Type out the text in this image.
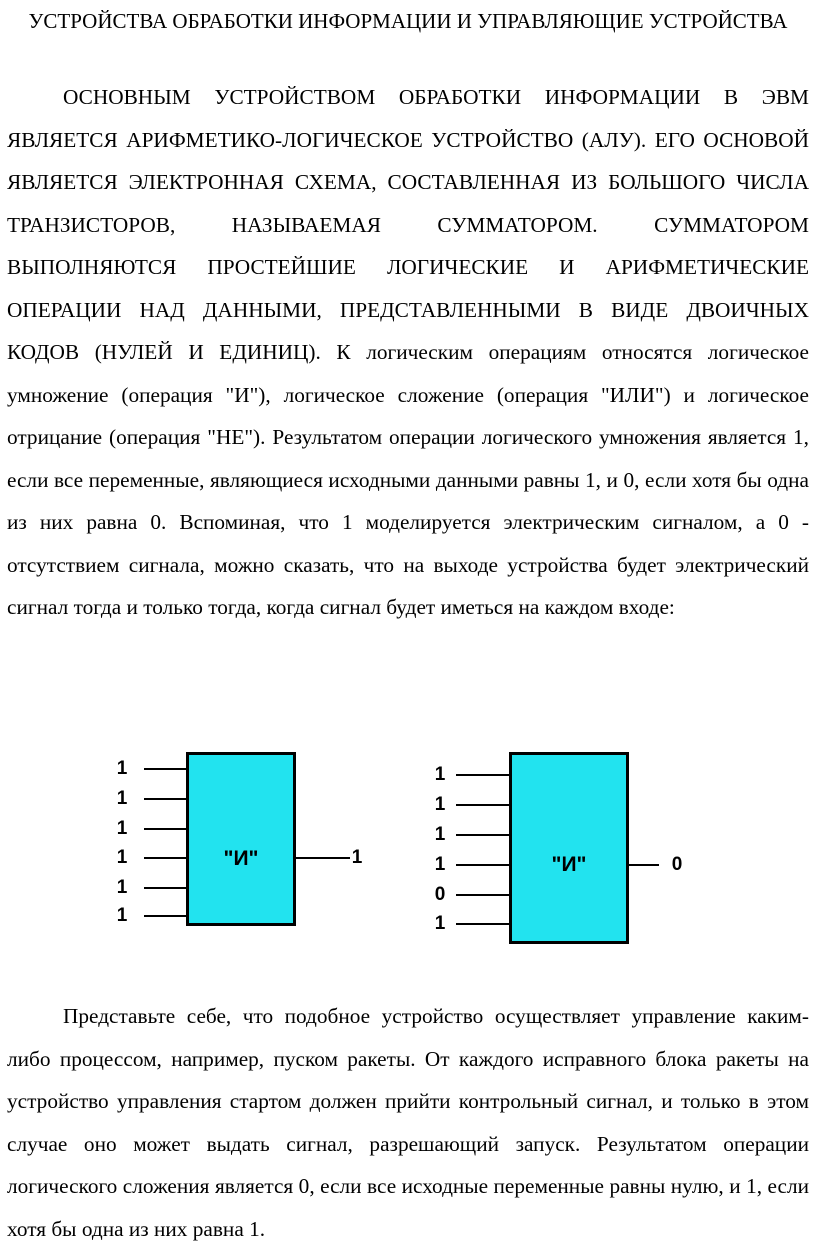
УСТРОЙСТВА ОБРАБОТКИ ИНФОРМАЦИИ И УПРАВЛЯЮЩИЕ УСТРОЙСТВА

ОСНОВНЫМ УСТРОЙСТВОМ ОБРАБОТКИ ИНФОРМАЦИИ В ЭВМ ЯВЛЯЕТСЯ АРИФМЕТИКО-ЛОГИЧЕСКОЕ УСТРОЙСТВО (АЛУ). ЕГО ОСНОВОЙ ЯВЛЯЕТСЯ ЭЛЕКТРОННАЯ СХЕМА, СОСТАВЛЕННАЯ ИЗ БОЛЬШОГО ЧИСЛА ТРАНЗИСТОРОВ, НАЗЫВАЕМАЯ СУММАТОРОМ. СУММАТОРОМ ВЫПОЛНЯЮТСЯ ПРОСТЕЙШИЕ ЛОГИЧЕСКИЕ И АРИФМЕТИЧЕСКИЕ ОПЕРАЦИИ НАД ДАННЫМИ, ПРЕДСТАВЛЕННЫМИ В ВИДЕ ДВОИЧНЫХ КОДОВ (НУЛЕЙ И ЕДИНИЦ). К логическим операциям относятся логическое умножение (операция "И"), логическое сложение (операция "ИЛИ") и логическое отрицание (операция "НЕ"). Результатом операции логического умножения является 1, если все переменные, являющиеся исходными данными равны 1, и 0, если хотя бы одна из них равна 0. Вспоминая, что 1 моделируется электрическим сигналом, а 0 - отсутствием сигнала, можно сказать, что на выходе устройства будет электрический сигнал тогда и только тогда, когда сигнал будет иметься на каждом входе:

"И"
1
1
1
1
1
1
1	"И"
1
1
1
1
0
1
0

Представьте себе, что подобное устройство осуществляет управление каким-либо процессом, например, пуском ракеты. От каждого исправного блока ракеты на устройство управления стартом должен прийти контрольный сигнал, и только в этом случае оно может выдать сигнал, разрешающий запуск. Результатом операции логического сложения является 0, если все исходные переменные равны нулю, и 1, если хотя бы одна из них равна 1.
